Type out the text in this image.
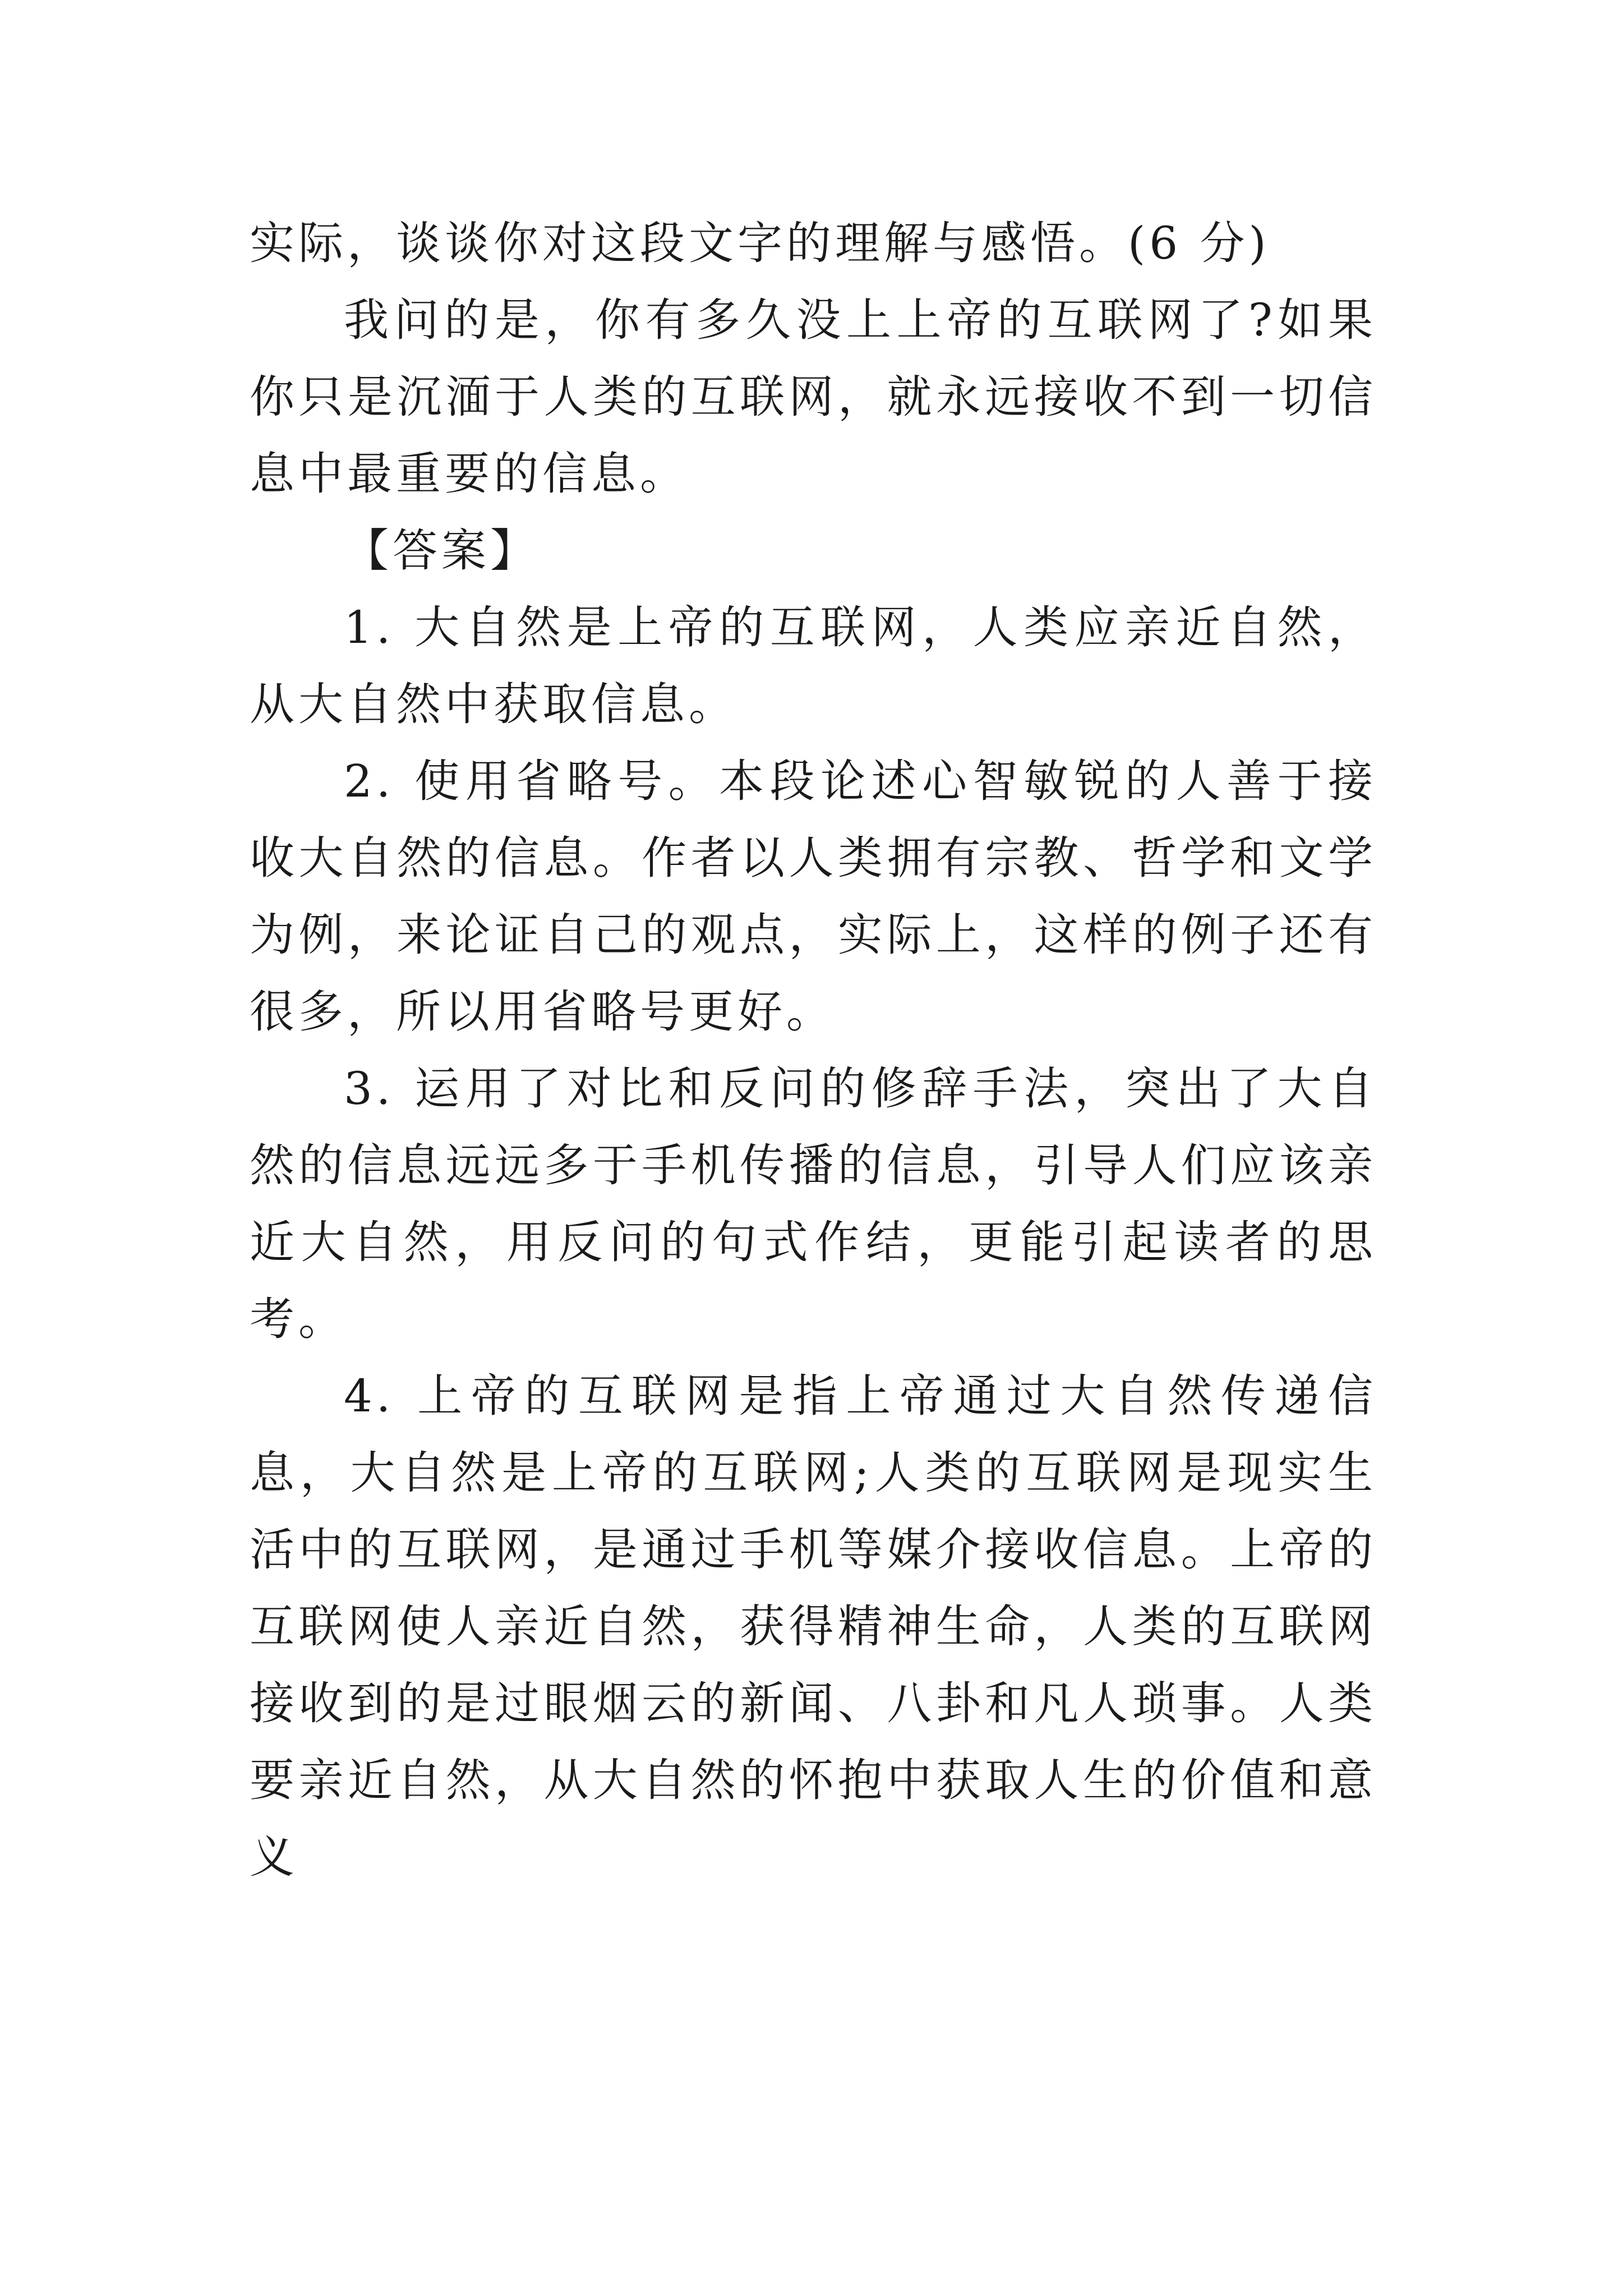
实际，谈谈你对这段文字的理解与感悟。(6 分)

我问的是，你有多久没上上帝的互联网了?如果你只是沉湎于人类的互联网，就永远接收不到一切信息中最重要的信息。

【答案】

1. 大自然是上帝的互联网，人类应亲近自然，从大自然中获取信息。

2. 使用省略号。本段论述心智敏锐的人善于接收大自然的信息。作者以人类拥有宗教、哲学和文学为例，来论证自己的观点，实际上，这样的例子还有很多，所以用省略号更好。

3. 运用了对比和反问的修辞手法，突出了大自然的信息远远多于手机传播的信息，引导人们应该亲近大自然，用反问的句式作结，更能引起读者的思考。

4. 上帝的互联网是指上帝通过大自然传递信息，大自然是上帝的互联网;人类的互联网是现实生活中的互联网，是通过手机等媒介接收信息。上帝的互联网使人亲近自然，获得精神生命，人类的互联网接收到的是过眼烟云的新闻、八卦和凡人琐事。人类要亲近自然，从大自然的怀抱中获取人生的价值和意义
